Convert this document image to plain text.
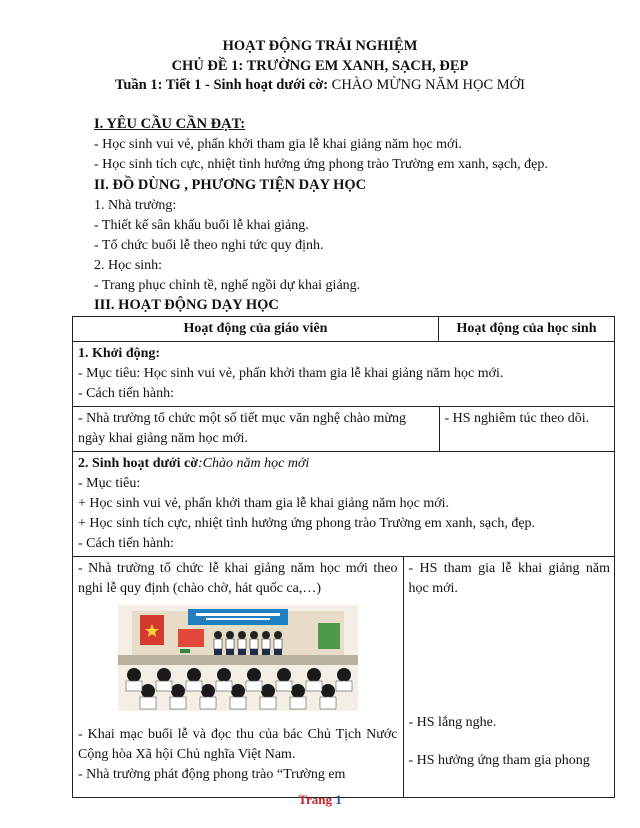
HOẠT ĐỘNG TRẢI NGHIỆM
CHỦ ĐỀ 1: TRƯỜNG EM XANH, SẠCH, ĐẸP
Tuần 1: Tiết 1 - Sinh hoạt dưới cờ: CHÀO MỪNG NĂM HỌC MỚI
I. YÊU CẦU CẦN ĐẠT:
- Học sinh vui vẻ, phấn khởi tham gia lễ khai giảng năm học mới.
- Học sinh tích cực, nhiệt tình hưởng ứng phong trào Trường em xanh, sạch, đẹp.
II. ĐỒ DÙNG , PHƯƠNG TIỆN DẠY HỌC
1. Nhà trường:
- Thiết kế sân khấu buổi lễ khai giảng.
- Tổ chức buổi lễ theo nghi tức quy định.
2. Học sinh:
- Trang phục chỉnh tề, nghế ngồi dự khai giảng.
III. HOẠT ĐỘNG DẠY HỌC
Hoạt động của giáo viên	Hoạt động của học sinh

1. Khởi động:
- Mục tiêu: Học sinh vui vẻ, phấn khởi tham gia lễ khai giảng năm học mới.
- Cách tiến hành:
- Nhà trường tổ chức một số tiết mục văn nghệ chào mừng ngày khai giảng năm học mới.	- HS nghiêm túc theo dõi.

2. Sinh hoạt dưới cờ:Chào năm học mới
- Mục tiêu:
+ Học sinh vui vẻ, phấn khởi tham gia lễ khai giảng năm học mới.
+ Học sinh tích cực, nhiệt tình hưởng ứng phong trào Trường em xanh, sạch, đẹp.
- Cách tiến hành:
- Nhà trường tổ chức lễ khai giảng năm học mới theo nghi lễ quy định (chào chờ, hát quốc ca,…)
- Khai mạc buổi lễ và đọc thu của bác Chủ Tịch Nước Cộng hòa Xã hội Chủ nghĩa Việt Nam.
- Nhà trường phát động phong trào “Trường em

- HS tham gia lễ khai giảng năm học mới.
- HS lắng nghe.
- HS hưởng ứng tham gia phong
Trang 1
